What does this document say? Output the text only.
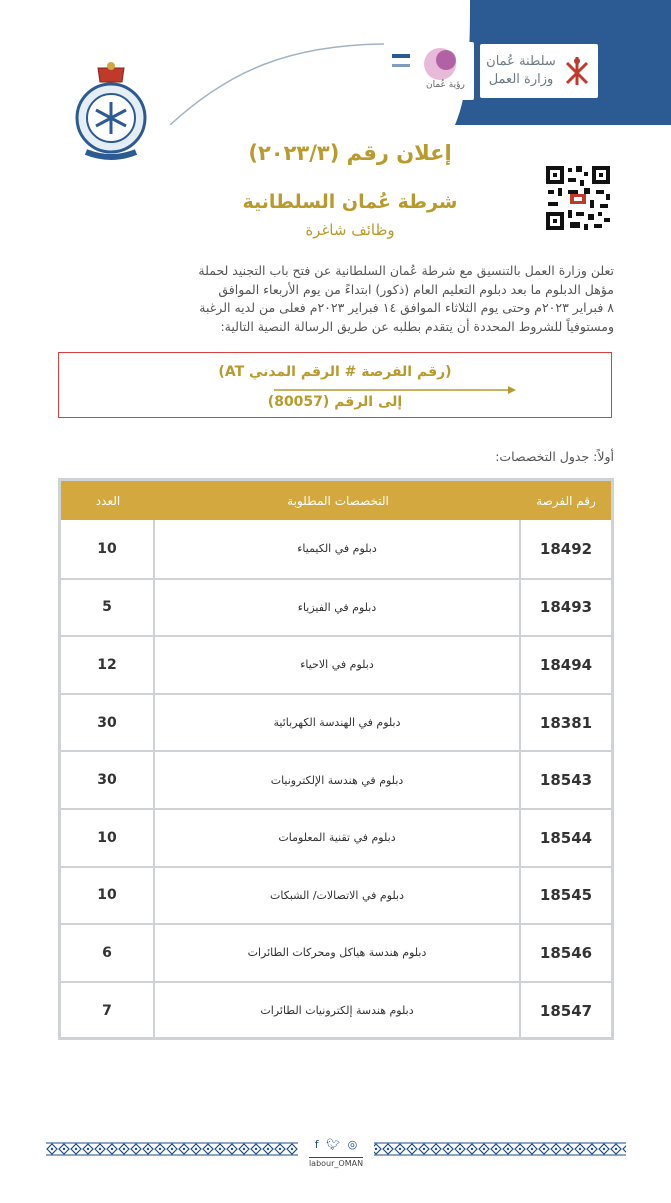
رؤية عُمان
سلطنة عُمان
وزارة العمل
إعلان رقم (٢٠٢٣/٣)
شرطة عُمان السلطانية
وظائف شاغرة
تعلن وزارة العمل بالتنسيق مع شرطة عُمان السلطانية عن فتح باب التجنيد لحملة
مؤهل الدبلوم ما بعد دبلوم التعليم العام (ذكور) ابتداءً من يوم الأربعاء الموافق
٨ فبراير ٢٠٢٣م وحتى يوم الثلاثاء الموافق ١٤ فبراير ٢٠٢٣م فعلى من لديه الرغبة
ومستوفياً للشروط المحددة أن يتقدم بطلبه عن طريق الرسالة النصية التالية:
(رقم الفرصة # الرقم المدني AT)
إلى الرقم (80057)
أولاً: جدول التخصصات:
العدد	التخصصات المطلوبة	رقم الفرصة
10	دبلوم في الكيمياء	18492
5	دبلوم في الفيزياء	18493
12	دبلوم في الاحياء	18494
30	دبلوم في الهندسة الكهربائية	18381
30	دبلوم في هندسة الإلكترونيات	18543
10	دبلوم في تقنية المعلومات	18544
10	دبلوم في الاتصالات/ الشبكات	18545
6	دبلوم هندسة هياكل ومحركات الطائرات	18546
7	دبلوم هندسة إلكترونيات الطائرات	18547
f 🐦︎ ◎
labour_OMAN
